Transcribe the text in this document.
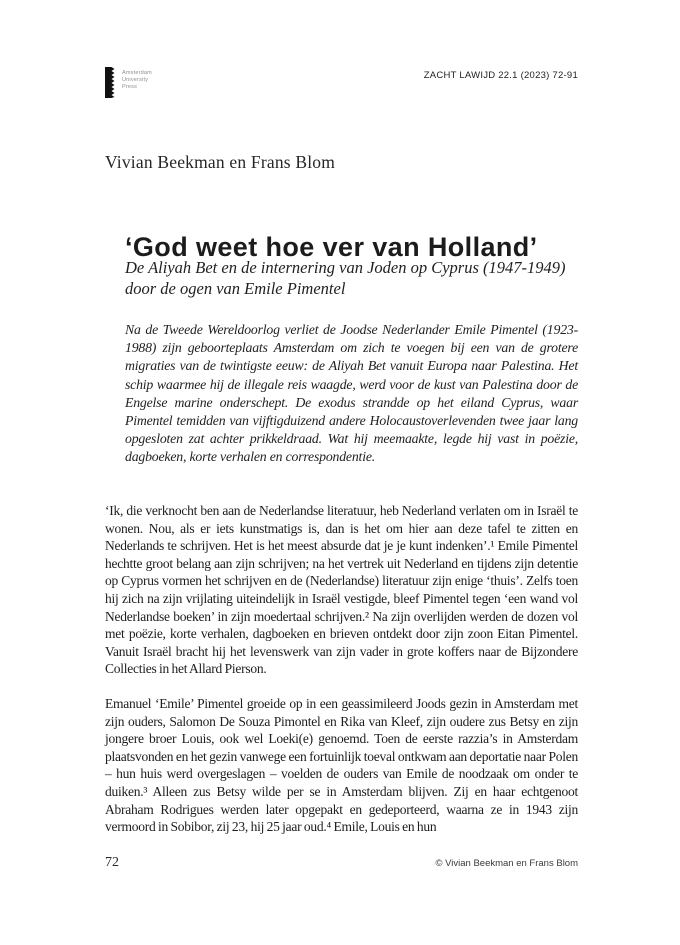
Amsterdam
University
Press
ZACHT LAWIJD 22.1 (2023) 72-91
Vivian Beekman en Frans Blom
‘God weet hoe ver van Holland’
De Aliyah Bet en de internering van Joden op Cyprus (1947-1949)
door de ogen van Emile Pimentel
Na de Tweede Wereldoorlog verliet de Joodse Nederlander Emile Pimentel (1923-1988) zijn geboorteplaats Amsterdam om zich te voegen bij een van de grotere migraties van de twintigste eeuw: de Aliyah Bet vanuit Europa naar Palestina. Het schip waarmee hij de illegale reis waagde, werd voor de kust van Palestina door de Engelse marine onderschept. De exodus strandde op het eiland Cyprus, waar Pimentel temidden van vijftigduizend andere Holocaustoverlevenden twee jaar lang opgesloten zat achter prikkeldraad. Wat hij meemaakte, legde hij vast in poëzie, dagboeken, korte verhalen en correspondentie.

‘Ik, die verknocht ben aan de Nederlandse literatuur, heb Nederland verlaten om in Israël te wonen. Nou, als er iets kunstmatigs is, dan is het om hier aan deze tafel te zitten en Nederlands te schrijven. Het is het meest absurde dat je je kunt indenken’.¹ Emile Pimentel hechtte groot belang aan zijn schrijven; na het vertrek uit Nederland en tijdens zijn detentie op Cyprus vormen het schrijven en de (Nederlandse) literatuur zijn enige ‘thuis’. Zelfs toen hij zich na zijn vrijlating uiteindelijk in Israël vestigde, bleef Pimentel tegen ‘een wand vol Nederlandse boeken’ in zijn moedertaal schrijven.² Na zijn overlijden werden de dozen vol met poëzie, korte verhalen, dagboeken en brieven ontdekt door zijn zoon Eitan Pimentel. Vanuit Israël bracht hij het levenswerk van zijn vader in grote koffers naar de Bijzondere Collecties in het Allard Pierson.

Emanuel ‘Emile’ Pimentel groeide op in een geassimileerd Joods gezin in Amsterdam met zijn ouders, Salomon De Souza Pimontel en Rika van Kleef, zijn oudere zus Betsy en zijn jongere broer Louis, ook wel Loeki(e) genoemd. Toen de eerste razzia’s in Amsterdam plaatsvonden en het gezin vanwege een fortuinlijk toeval ontkwam aan deportatie naar Polen – hun huis werd overgeslagen – voelden de ouders van Emile de noodzaak om onder te duiken.³ Alleen zus Betsy wilde per se in Amsterdam blijven. Zij en haar echtgenoot Abraham Rodrigues werden later opgepakt en gedeporteerd, waarna ze in 1943 zijn vermoord in Sobibor, zij 23, hij 25 jaar oud.⁴ Emile, Louis en hun

72	© Vivian Beekman en Frans Blom
